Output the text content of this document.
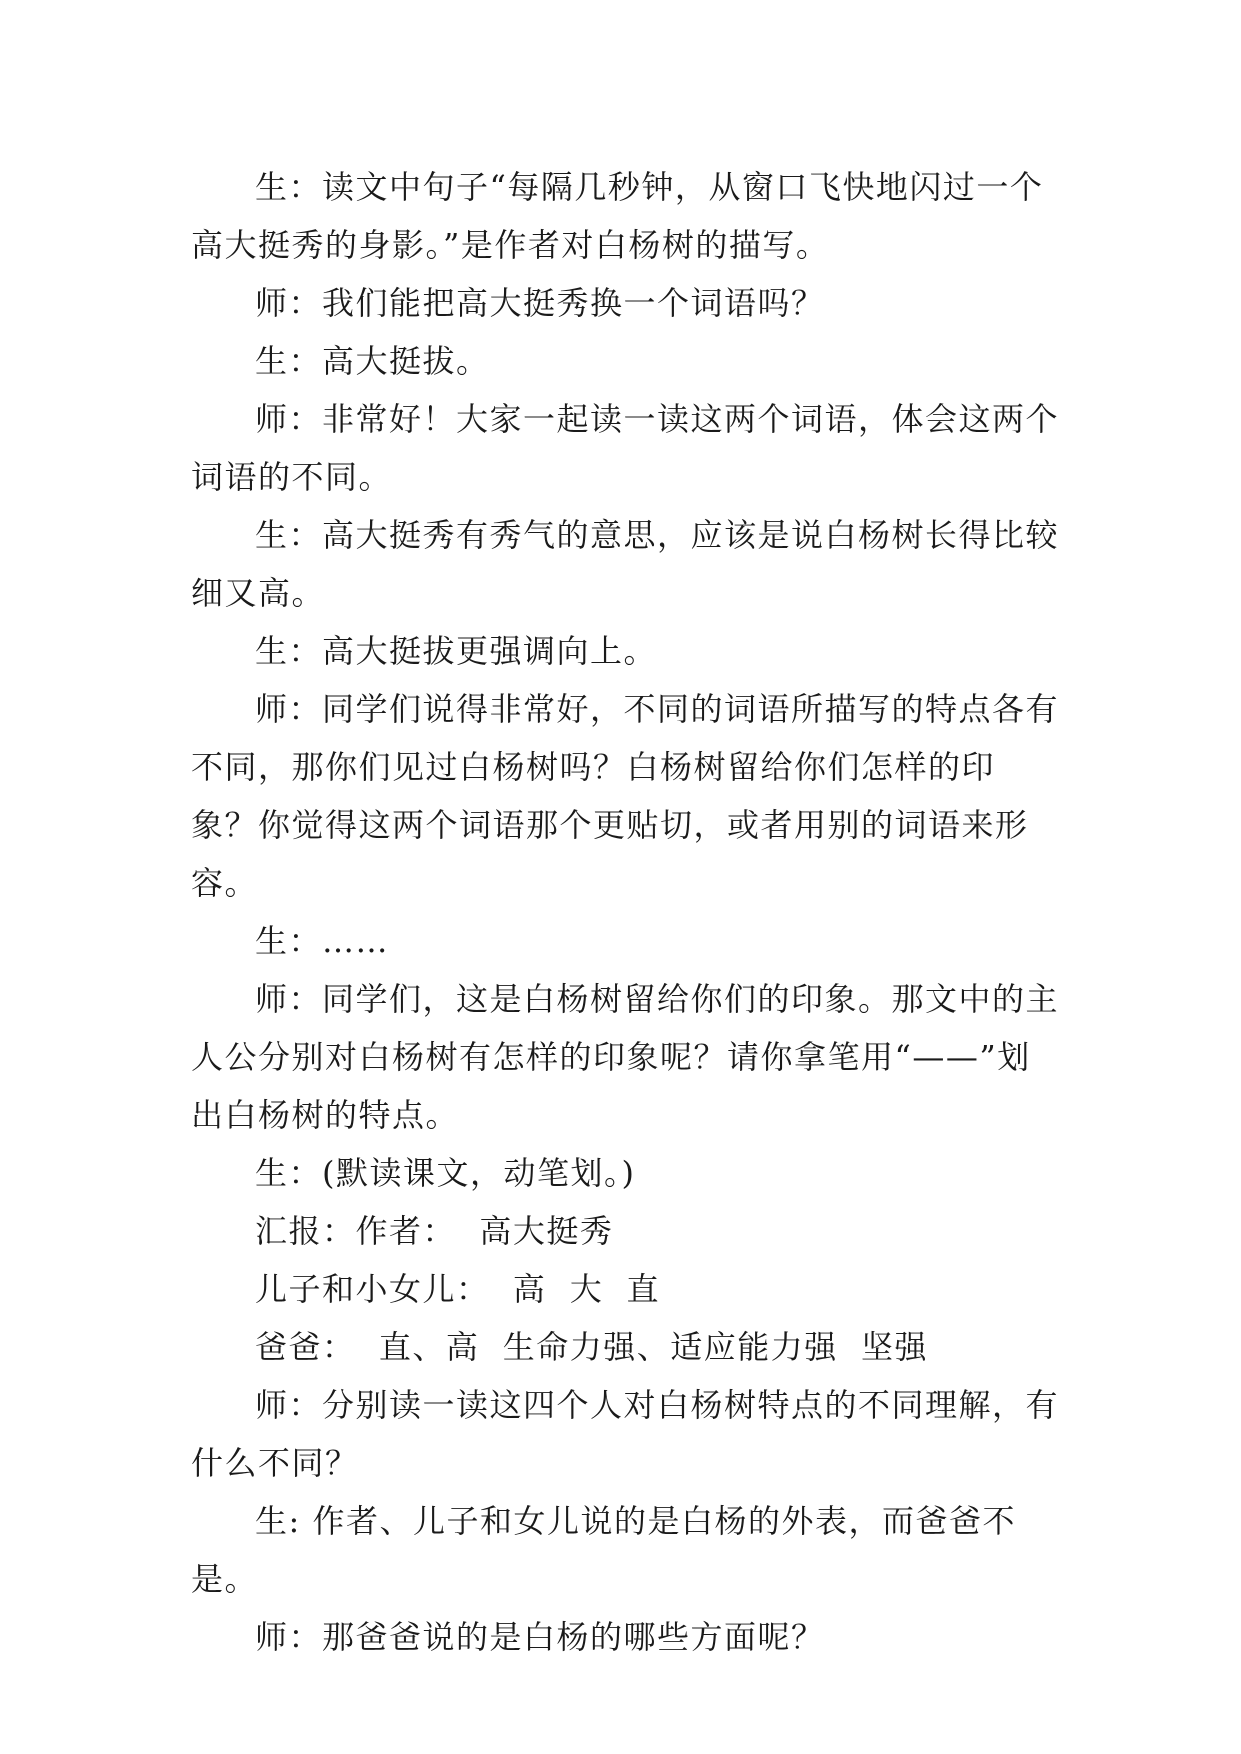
生：读文中句子“每隔几秒钟，从窗口飞快地闪过一个高大挺秀的身影。”是作者对白杨树的描写。

师：我们能把高大挺秀换一个词语吗？

生：高大挺拔。

师：非常好！大家一起读一读这两个词语，体会这两个词语的不同。

生：高大挺秀有秀气的意思，应该是说白杨树长得比较细又高。

生：高大挺拔更强调向上。

师：同学们说得非常好，不同的词语所描写的特点各有不同，那你们见过白杨树吗？白杨树留给你们怎样的印象？你觉得这两个词语那个更贴切，或者用别的词语来形容。

生：……

师：同学们，这是白杨树留给你们的印象。那文中的主人公分别对白杨树有怎样的印象呢？请你拿笔用“——”划出白杨树的特点。

生：(默读课文，动笔划。)

汇报：作者：  高大挺秀

儿子和小女儿：  高  大  直

爸爸：  直、高  生命力强、适应能力强  坚强

师：分别读一读这四个人对白杨树特点的不同理解，有什么不同？

生: 作者、儿子和女儿说的是白杨的外表，而爸爸不是。

师：那爸爸说的是白杨的哪些方面呢？
